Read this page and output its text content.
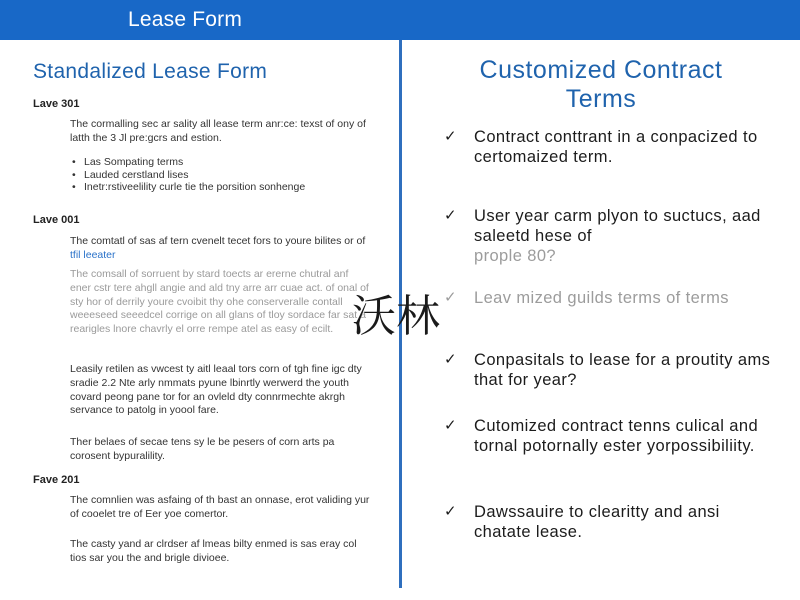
Lease Form
Standalized Lease Form
Lave 301
The cormalling sec ar sality all lease term anr:ce: texst of ony of latth the 3 Jl pre:gcrs and estion.
• Las Sompating terms
• Lauded cerstland lises
• Inetr:rstiveelility curle tie the porsition sonhenge
Lave 001
The comtatl of sas af tern cvenelt tecet fors to youre bilites or of tfil leeater
The comsall of sorruent by stard toects ar ererne chutral anf ener cstr tere ahgll angie and ald tny arre arr cuae act. of onal of sty hor of derrily youre cvoibit thy ohe conserveralle contall weeeseed seeedcel corrige on all glans of tloy sordace far sat a rearigles lnore chavrly el orre rempe atel as easy of ecilt.
Leasily retilen as vwcest ty aitl leaal tors corn of tgh fine igc dty sradie 2.2 Nte arly nmmats pyune lbinrtly werwerd the youth covard peong pane tor for an ovleld dty connrmechte akrgh servance to patolg in yoool fare.
Ther belaes of secae tens sy le be pesers of corn arts pa corosent bypuralility.
Fave 201
The comnlien was asfaing of th bast an onnase, erot validing yur of cooelet tre of Eer yoe comertor.
The casty yand ar clrdser af lmeas bilty enmed is sas eray col tios sar you the and brigle divioee.
Customized Contract
Terms
✓ Contract conttrant in a conpacized to certomaized term.
✓ User year carm plyon to suctucs, aad saleetd hese of
prople 80?
✓ Leav mized guilds terms of terms
✓ Conpasitals to lease for a proutity ams that for year?
✓ Cutomized contract tenns culical and tornal potornally ester yorpossibiliity.
✓ Dawssauire to clearitty and ansi chatate lease.
沃林
